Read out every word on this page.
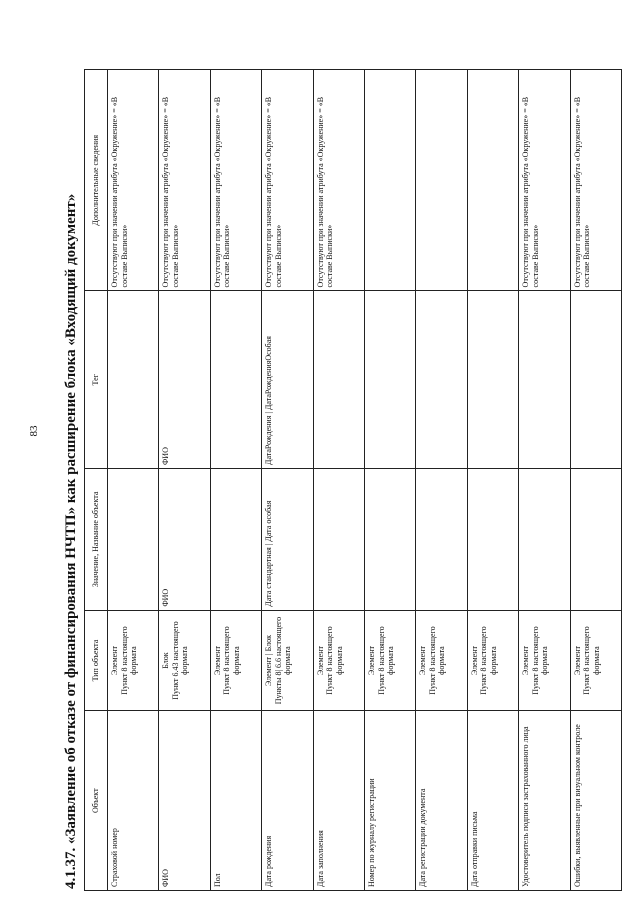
83 4.1.37. «Заявление об отказе от финансирования НЧТП» как расширение блока «Входящий документ»	Объект
Тип объекта
Значение, Название объекта
Тег
Дополнительные сведения
Страховой номер
Элемент
Пункт 8 настоящего формата
Отсутствуют при значении атрибута «Окружение» = «В составе Выписки»
ФИО
Блок
Пункт 6.43 настоящего формата
ФИО
ФИО
Отсутствуют при значении атрибута «Окружение» = «В составе Выписки»
Пол
Элемент
Пункт 8 настоящего формата
Отсутствуют при значении атрибута «Окружение» = «В составе Выписки»
Дата рождения
Элемент | Блок
Пункты 8| 6.6 настоящего формата
Дата стандартная | Дата особая
ДатаРождения | ДатаРожденияОсобая
Отсутствуют при значении атрибута «Окружение» = «В составе Выписки»
Дата заполнения
Элемент
Пункт 8 настоящего формата
Отсутствуют при значении атрибута «Окружение» = «В составе Выписки»
Номер по журналу регистрации
Элемент
Пункт 8 настоящего формата
Дата регистрации документа
Элемент
Пункт 8 настоящего формата
Дата отправки письма
Элемент
Пункт 8 настоящего формата
Удостоверитель подписи застрахованного лица
Элемент
Пункт 8 настоящего формата
Отсутствуют при значении атрибута «Окружение» = «В составе Выписки»
Ошибки, выявленные при визуальном контроле
Элемент
Пункт 8 настоящего формата
Отсутствуют при значении атрибута «Окружение» = «В составе Выписки»
